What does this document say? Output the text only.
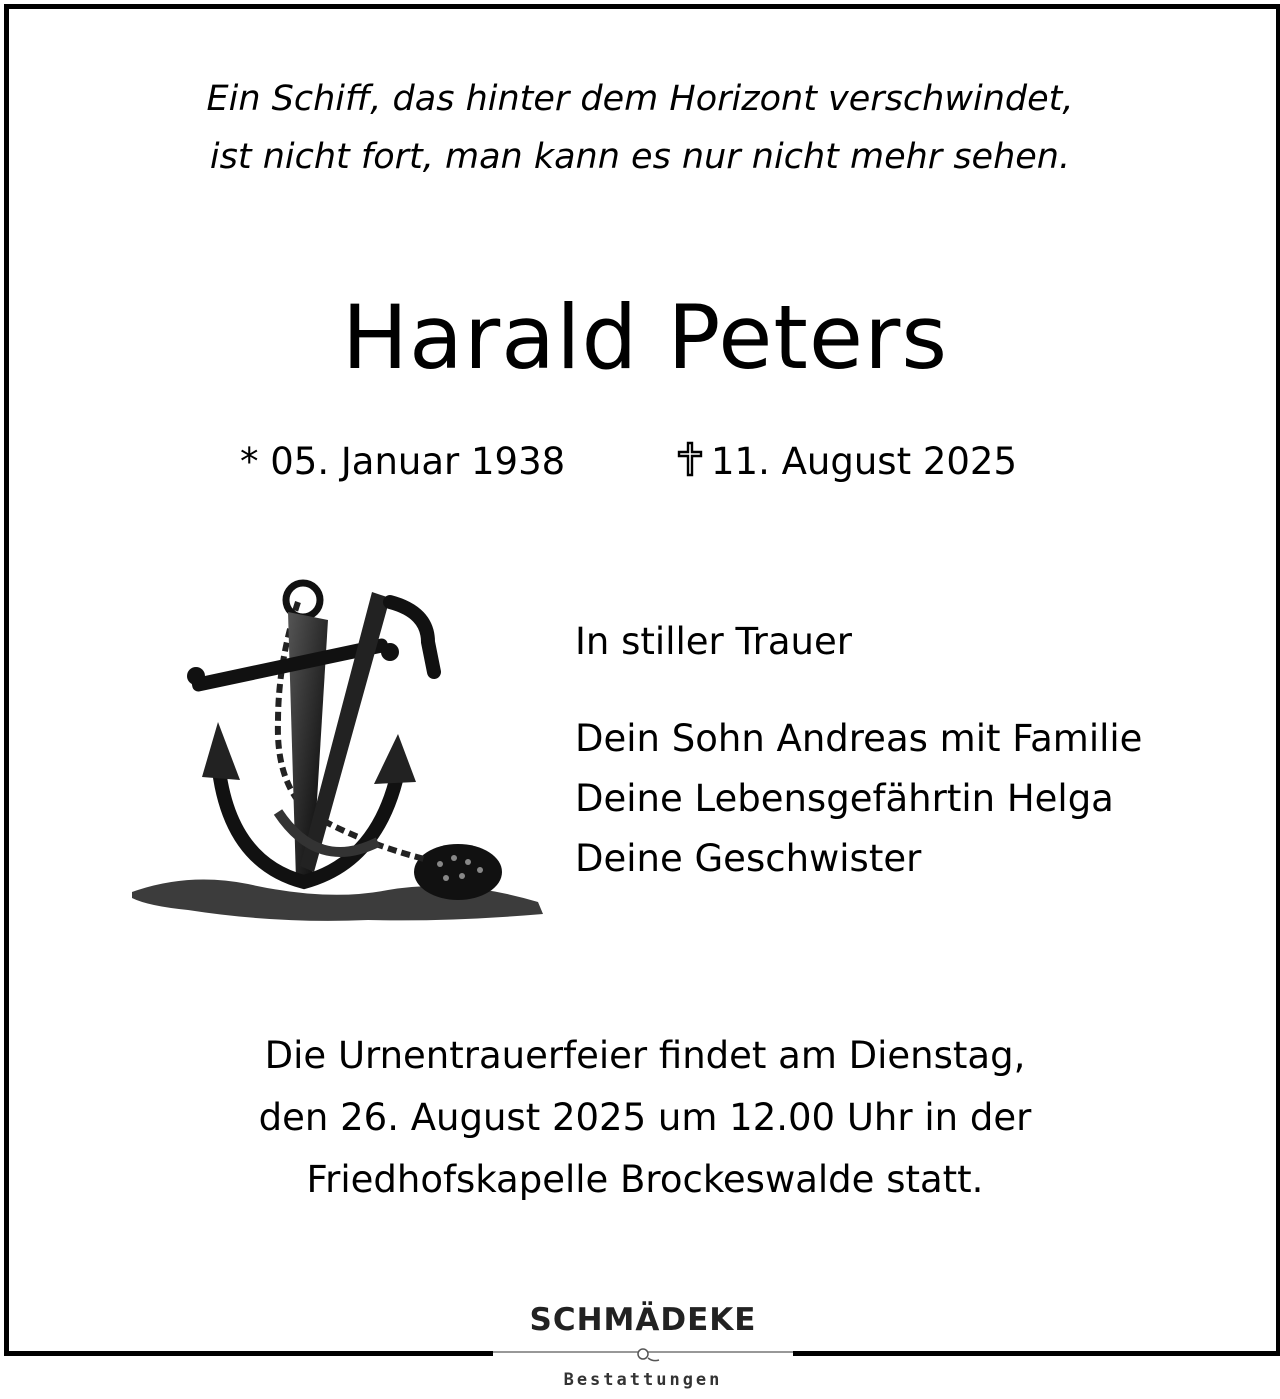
Ein Schiff, das hinter dem Horizont verschwindet,
ist nicht fort, man kann es nur nicht mehr sehen.
Harald Peters
* 05. Januar 1938	11. August 2025
In stiller Trauer
Dein Sohn Andreas mit Familie
Deine Lebensgefährtin Helga
Deine Geschwister
Die Urnentrauerfeier findet am Dienstag,
den 26. August 2025 um 12.00 Uhr in der
Friedhofskapelle Brockeswalde statt.
SCHMÄDEKE
Bestattungen
